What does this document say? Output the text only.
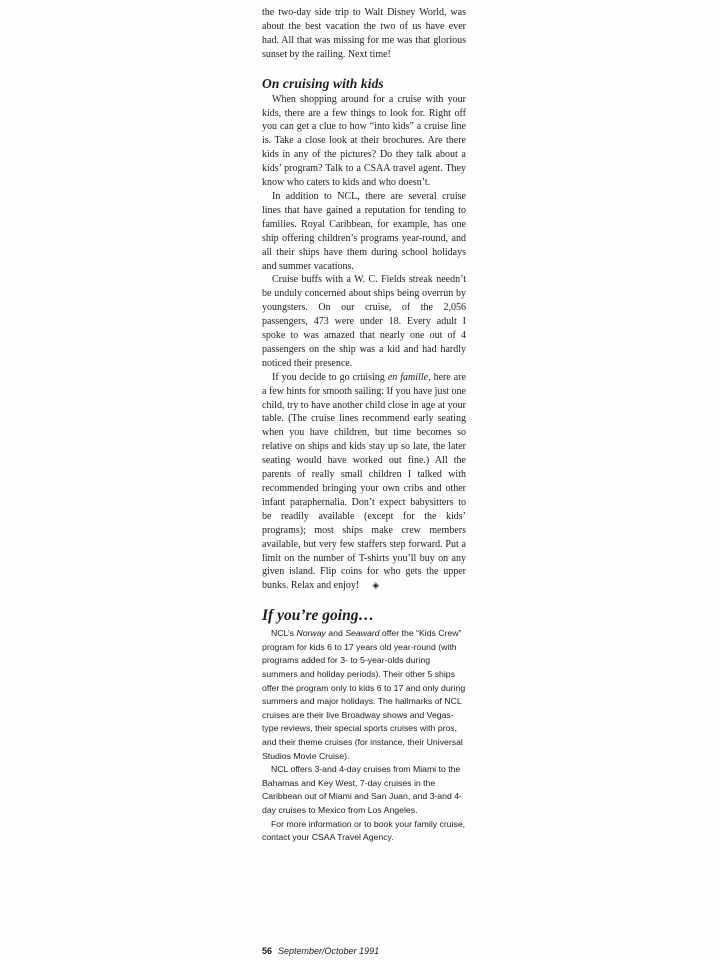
the two-day side trip to Walt Disney World, was about the best vacation the two of us have ever had. All that was missing for me was that glorious sunset by the railing. Next time!

On cruising with kids

When shopping around for a cruise with your kids, there are a few things to look for. Right off you can get a clue to how “into kids” a cruise line is. Take a close look at their brochures. Are there kids in any of the pictures? Do they talk about a kids’ program? Talk to a CSAA travel agent. They know who caters to kids and who doesn’t.

In addition to NCL, there are several cruise lines that have gained a reputation for tending to families. Royal Caribbean, for example, has one ship offering children’s programs year-round, and all their ships have them during school holidays and summer vacations.

Cruise buffs with a W. C. Fields streak needn’t be unduly concerned about ships being overrun by youngsters. On our cruise, of the 2,056 passengers, 473 were under 18. Every adult I spoke to was amazed that nearly one out of 4 passengers on the ship was a kid and had hardly noticed their presence.

If you decide to go cruising en famille, here are a few hints for smooth sailing: If you have just one child, try to have another child close in age at your table. (The cruise lines recommend early seating when you have children, but time becomes so relative on ships and kids stay up so late, the later seating would have worked out fine.) All the parents of really small children I talked with recommended bringing your own cribs and other infant paraphernalia. Don’t expect babysitters to be readily available (except for the kids’ programs); most ships make crew members available, but very few staffers step forward. Put a limit on the number of T-shirts you’ll buy on any given island. Flip coins for who gets the upper bunks. Relax and enjoy! ◈

If you’re going…

NCL’s Norway and Seaward offer the “Kids Crew” program for kids 6 to 17 years old year-round (with programs added for 3- to 5-year-olds during summers and holiday periods). Their other 5 ships offer the program only to kids 6 to 17 and only during summers and major holidays. The hallmarks of NCL cruises are their live Broadway shows and Vegas-type reviews, their special sports cruises with pros, and their theme cruises (for instance, their Universal Studios Movie Cruise).

NCL offers 3-and 4-day cruises from Miami to the Bahamas and Key West, 7-day cruises in the Caribbean out of Miami and San Juan, and 3-and 4- day cruises to Mexico from Los Angeles.

For more information or to book your family cruise, contact your CSAA Travel Agency.

56 September/October 1991
